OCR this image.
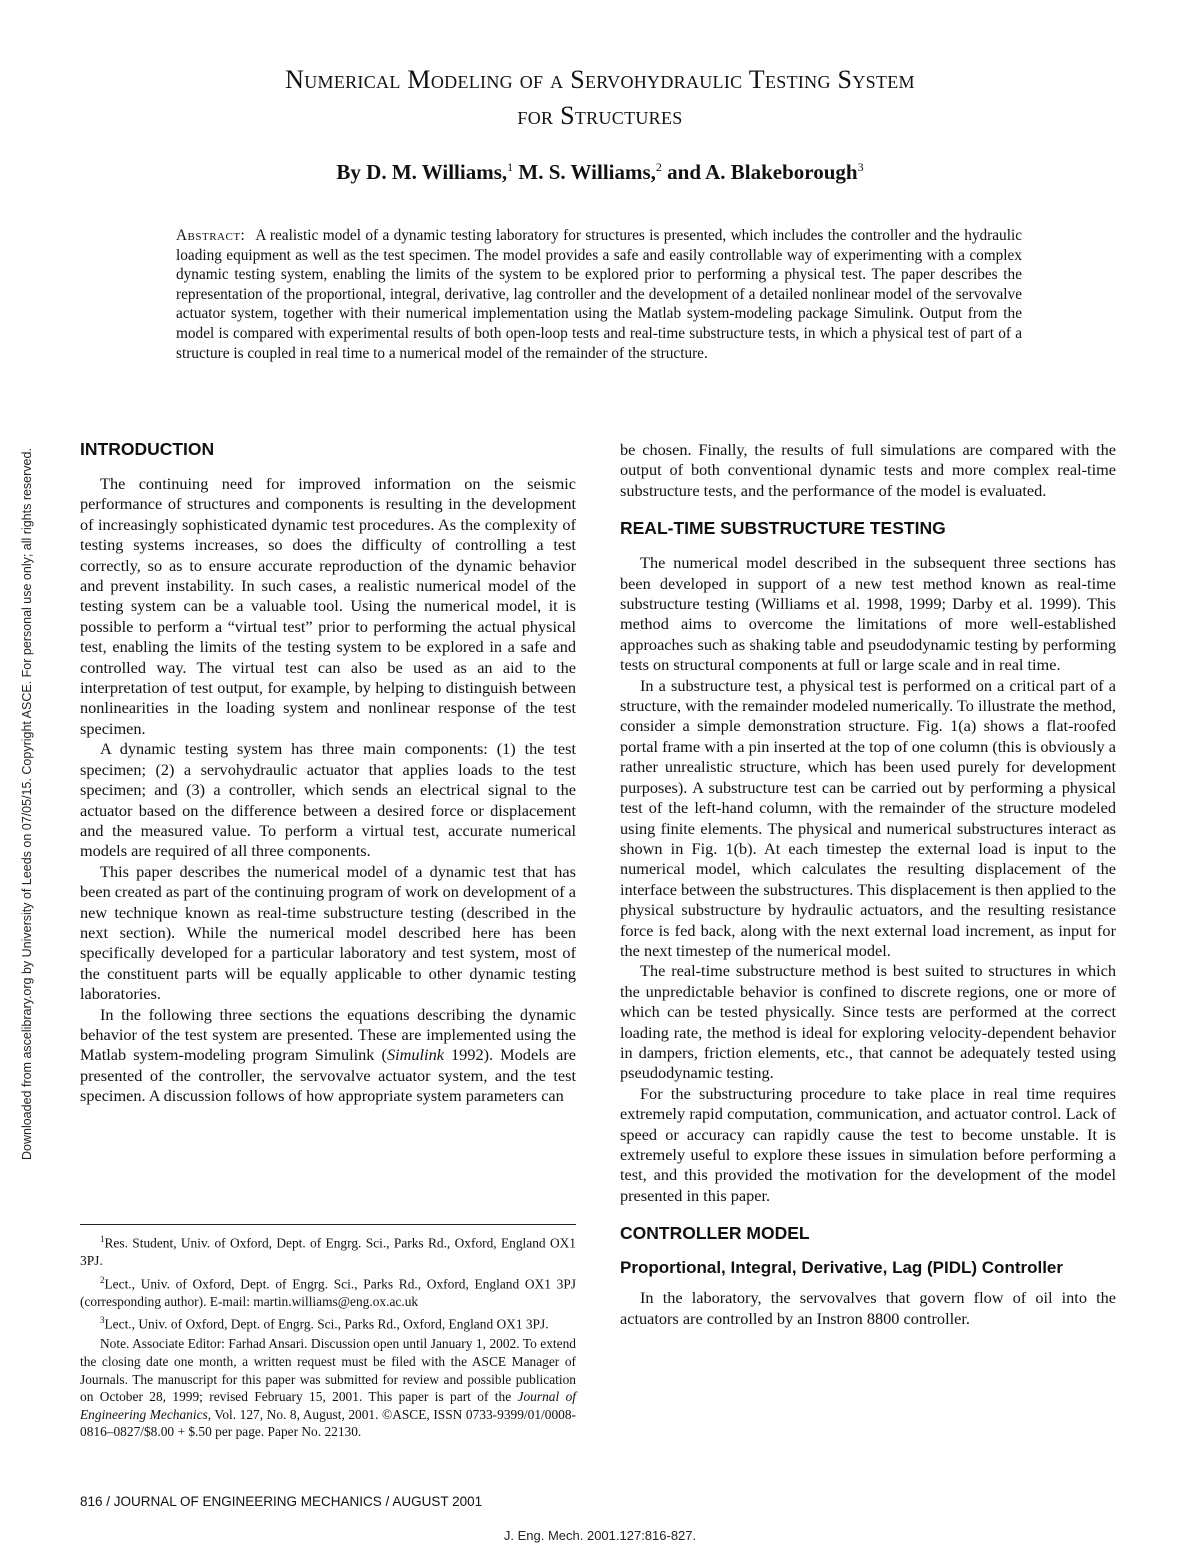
Downloaded from ascelibrary.org by University of Leeds on 07/05/15. Copyright ASCE. For personal use only; all rights reserved.
Numerical Modeling of a Servohydraulic Testing System
for Structures
By D. M. Williams,$^1$ M. S. Williams,$^2$ and A. Blakeborough$^3$
Abstract: A realistic model of a dynamic testing laboratory for structures is presented, which includes the controller and the hydraulic loading equipment as well as the test specimen. The model provides a safe and easily controllable way of experimenting with a complex dynamic testing system, enabling the limits of the system to be explored prior to performing a physical test. The paper describes the representation of the proportional, integral, derivative, lag controller and the development of a detailed nonlinear model of the servovalve actuator system, together with their numerical implementation using the Matlab system-modeling package Simulink. Output from the model is compared with experimental results of both open-loop tests and real-time substructure tests, in which a physical test of part of a structure is coupled in real time to a numerical model of the remainder of the structure.
INTRODUCTION

The continuing need for improved information on the seismic performance of structures and components is resulting in the development of increasingly sophisticated dynamic test procedures. As the complexity of testing systems increases, so does the difficulty of controlling a test correctly, so as to ensure accurate reproduction of the dynamic behavior and prevent instability. In such cases, a realistic numerical model of the testing system can be a valuable tool. Using the numerical model, it is possible to perform a “virtual test” prior to performing the actual physical test, enabling the limits of the testing system to be explored in a safe and controlled way. The virtual test can also be used as an aid to the interpretation of test output, for example, by helping to distinguish between nonlinearities in the loading system and nonlinear response of the test specimen.

A dynamic testing system has three main components: (1) the test specimen; (2) a servohydraulic actuator that applies loads to the test specimen; and (3) a controller, which sends an electrical signal to the actuator based on the difference between a desired force or displacement and the measured value. To perform a virtual test, accurate numerical models are required of all three components.

This paper describes the numerical model of a dynamic test that has been created as part of the continuing program of work on development of a new technique known as real-time substructure testing (described in the next section). While the numerical model described here has been specifically developed for a particular laboratory and test system, most of the constituent parts will be equally applicable to other dynamic testing laboratories.

In the following three sections the equations describing the dynamic behavior of the test system are presented. These are implemented using the Matlab system-modeling program Simulink (Simulink 1992). Models are presented of the controller, the servovalve actuator system, and the test specimen. A discussion follows of how appropriate system parameters can

$^1$Res. Student, Univ. of Oxford, Dept. of Engrg. Sci., Parks Rd., Oxford, England OX1 3PJ.

$^2$Lect., Univ. of Oxford, Dept. of Engrg. Sci., Parks Rd., Oxford, England OX1 3PJ (corresponding author). E-mail: martin.williams@eng.ox.ac.uk

$^3$Lect., Univ. of Oxford, Dept. of Engrg. Sci., Parks Rd., Oxford, England OX1 3PJ.

Note. Associate Editor: Farhad Ansari. Discussion open until January 1, 2002. To extend the closing date one month, a written request must be filed with the ASCE Manager of Journals. The manuscript for this paper was submitted for review and possible publication on October 28, 1999; revised February 15, 2001. This paper is part of the Journal of Engineering Mechanics, Vol. 127, No. 8, August, 2001. ©ASCE, ISSN 0733-9399/01/0008-0816–0827/$8.00 + $.50 per page. Paper No. 22130.

be chosen. Finally, the results of full simulations are compared with the output of both conventional dynamic tests and more complex real-time substructure tests, and the performance of the model is evaluated.

REAL-TIME SUBSTRUCTURE TESTING

The numerical model described in the subsequent three sections has been developed in support of a new test method known as real-time substructure testing (Williams et al. 1998, 1999; Darby et al. 1999). This method aims to overcome the limitations of more well-established approaches such as shaking table and pseudodynamic testing by performing tests on structural components at full or large scale and in real time.

In a substructure test, a physical test is performed on a critical part of a structure, with the remainder modeled numerically. To illustrate the method, consider a simple demonstration structure. Fig. 1(a) shows a flat-roofed portal frame with a pin inserted at the top of one column (this is obviously a rather unrealistic structure, which has been used purely for development purposes). A substructure test can be carried out by performing a physical test of the left-hand column, with the remainder of the structure modeled using finite elements. The physical and numerical substructures interact as shown in Fig. 1(b). At each timestep the external load is input to the numerical model, which calculates the resulting displacement of the interface between the substructures. This displacement is then applied to the physical substructure by hydraulic actuators, and the resulting resistance force is fed back, along with the next external load increment, as input for the next timestep of the numerical model.

The real-time substructure method is best suited to structures in which the unpredictable behavior is confined to discrete regions, one or more of which can be tested physically. Since tests are performed at the correct loading rate, the method is ideal for exploring velocity-dependent behavior in dampers, friction elements, etc., that cannot be adequately tested using pseudodynamic testing.

For the substructuring procedure to take place in real time requires extremely rapid computation, communication, and actuator control. Lack of speed or accuracy can rapidly cause the test to become unstable. It is extremely useful to explore these issues in simulation before performing a test, and this provided the motivation for the development of the model presented in this paper.

CONTROLLER MODEL
Proportional, Integral, Derivative, Lag (PIDL) Controller

In the laboratory, the servovalves that govern flow of oil into the actuators are controlled by an Instron 8800 controller.

816 / JOURNAL OF ENGINEERING MECHANICS / AUGUST 2001
J. Eng. Mech. 2001.127:816-827.
